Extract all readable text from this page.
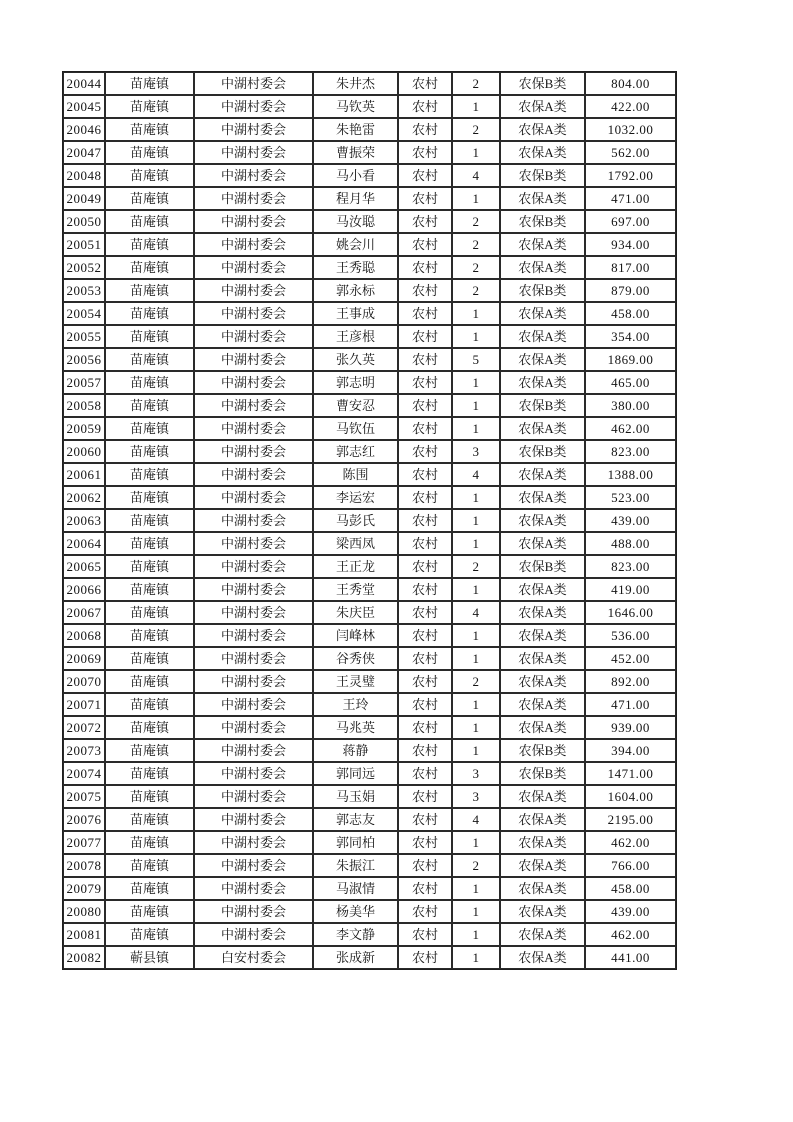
20044	苗庵镇	中湖村委会	朱井杰	农村	2	农保B类	804.00
20045	苗庵镇	中湖村委会	马钦英	农村	1	农保A类	422.00
20046	苗庵镇	中湖村委会	朱艳雷	农村	2	农保A类	1032.00
20047	苗庵镇	中湖村委会	曹振荣	农村	1	农保A类	562.00
20048	苗庵镇	中湖村委会	马小看	农村	4	农保B类	1792.00
20049	苗庵镇	中湖村委会	程月华	农村	1	农保A类	471.00
20050	苗庵镇	中湖村委会	马汝聪	农村	2	农保B类	697.00
20051	苗庵镇	中湖村委会	姚会川	农村	2	农保A类	934.00
20052	苗庵镇	中湖村委会	王秀聪	农村	2	农保A类	817.00
20053	苗庵镇	中湖村委会	郭永标	农村	2	农保B类	879.00
20054	苗庵镇	中湖村委会	王事成	农村	1	农保A类	458.00
20055	苗庵镇	中湖村委会	王彦根	农村	1	农保A类	354.00
20056	苗庵镇	中湖村委会	张久英	农村	5	农保A类	1869.00
20057	苗庵镇	中湖村委会	郭志明	农村	1	农保A类	465.00
20058	苗庵镇	中湖村委会	曹安忍	农村	1	农保B类	380.00
20059	苗庵镇	中湖村委会	马钦伍	农村	1	农保A类	462.00
20060	苗庵镇	中湖村委会	郭志红	农村	3	农保B类	823.00
20061	苗庵镇	中湖村委会	陈围	农村	4	农保A类	1388.00
20062	苗庵镇	中湖村委会	李运宏	农村	1	农保A类	523.00
20063	苗庵镇	中湖村委会	马彭氏	农村	1	农保A类	439.00
20064	苗庵镇	中湖村委会	梁西凤	农村	1	农保A类	488.00
20065	苗庵镇	中湖村委会	王正龙	农村	2	农保B类	823.00
20066	苗庵镇	中湖村委会	王秀堂	农村	1	农保A类	419.00
20067	苗庵镇	中湖村委会	朱庆臣	农村	4	农保A类	1646.00
20068	苗庵镇	中湖村委会	闫峰林	农村	1	农保A类	536.00
20069	苗庵镇	中湖村委会	谷秀侠	农村	1	农保A类	452.00
20070	苗庵镇	中湖村委会	王灵璧	农村	2	农保A类	892.00
20071	苗庵镇	中湖村委会	王玲	农村	1	农保A类	471.00
20072	苗庵镇	中湖村委会	马兆英	农村	1	农保A类	939.00
20073	苗庵镇	中湖村委会	蒋静	农村	1	农保B类	394.00
20074	苗庵镇	中湖村委会	郭同远	农村	3	农保B类	1471.00
20075	苗庵镇	中湖村委会	马玉娟	农村	3	农保A类	1604.00
20076	苗庵镇	中湖村委会	郭志友	农村	4	农保A类	2195.00
20077	苗庵镇	中湖村委会	郭同柏	农村	1	农保A类	462.00
20078	苗庵镇	中湖村委会	朱振江	农村	2	农保A类	766.00
20079	苗庵镇	中湖村委会	马淑情	农村	1	农保A类	458.00
20080	苗庵镇	中湖村委会	杨美华	农村	1	农保A类	439.00
20081	苗庵镇	中湖村委会	李文静	农村	1	农保A类	462.00
20082	蕲县镇	白安村委会	张成新	农村	1	农保A类	441.00
